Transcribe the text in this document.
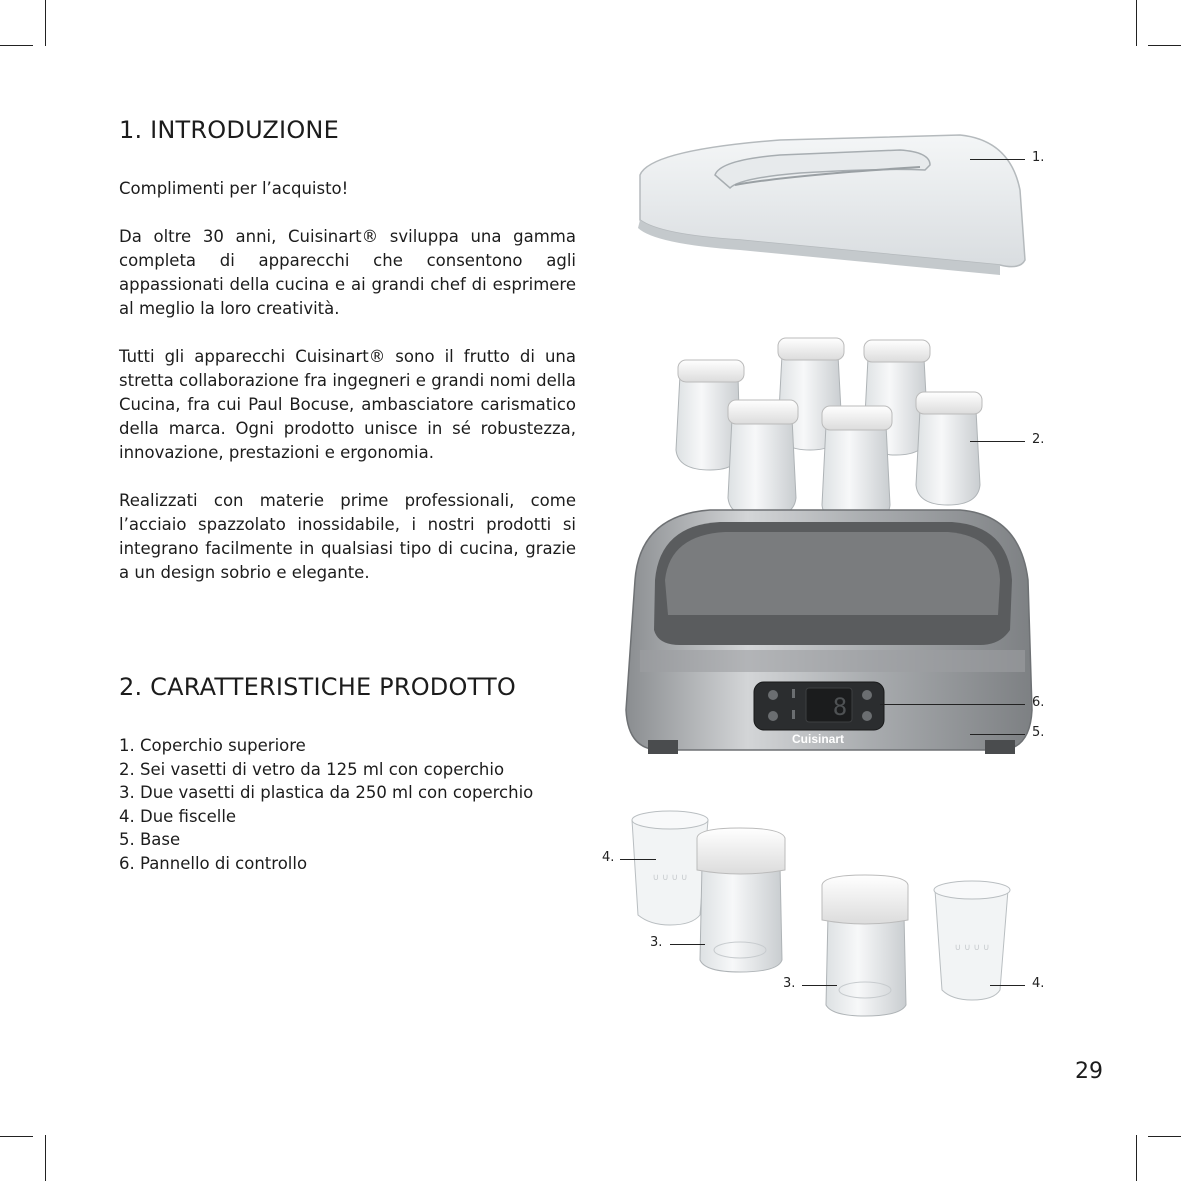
1. INTRODUZIONE

Complimenti per l’acquisto!

Da oltre 30 anni, Cuisinart® sviluppa una gamma completa di apparecchi che consentono agli appassionati della cucina e ai grandi chef di esprimere al meglio la loro creatività.

Tutti gli apparecchi Cuisinart® sono il frutto di una stretta collaborazione fra ingegneri e grandi nomi della Cucina, fra cui Paul Bocuse, ambasciatore carismatico della marca. Ogni prodotto unisce in sé robustezza, innovazione, prestazioni e ergonomia.

Realizzati con materie prime professionali, come l’acciaio spazzolato inossidabile, i nostri prodotti si integrano facilmente in qualsiasi tipo di cucina, grazie a un design sobrio e elegante.

2. CARATTERISTICHE PRODOTTO
1. Coperchio superiore
2. Sei vasetti di vetro da 125 ml con coperchio
3. Due vasetti di plastica da 250 ml con coperchio
4. Due fiscelle
5. Base
6. Pannello di controllo
8
Cuisinart
∪ ∪ ∪ ∪
∪ ∪ ∪ ∪
1.
2.
6.
5.
4.
3.
3.	4.
29
